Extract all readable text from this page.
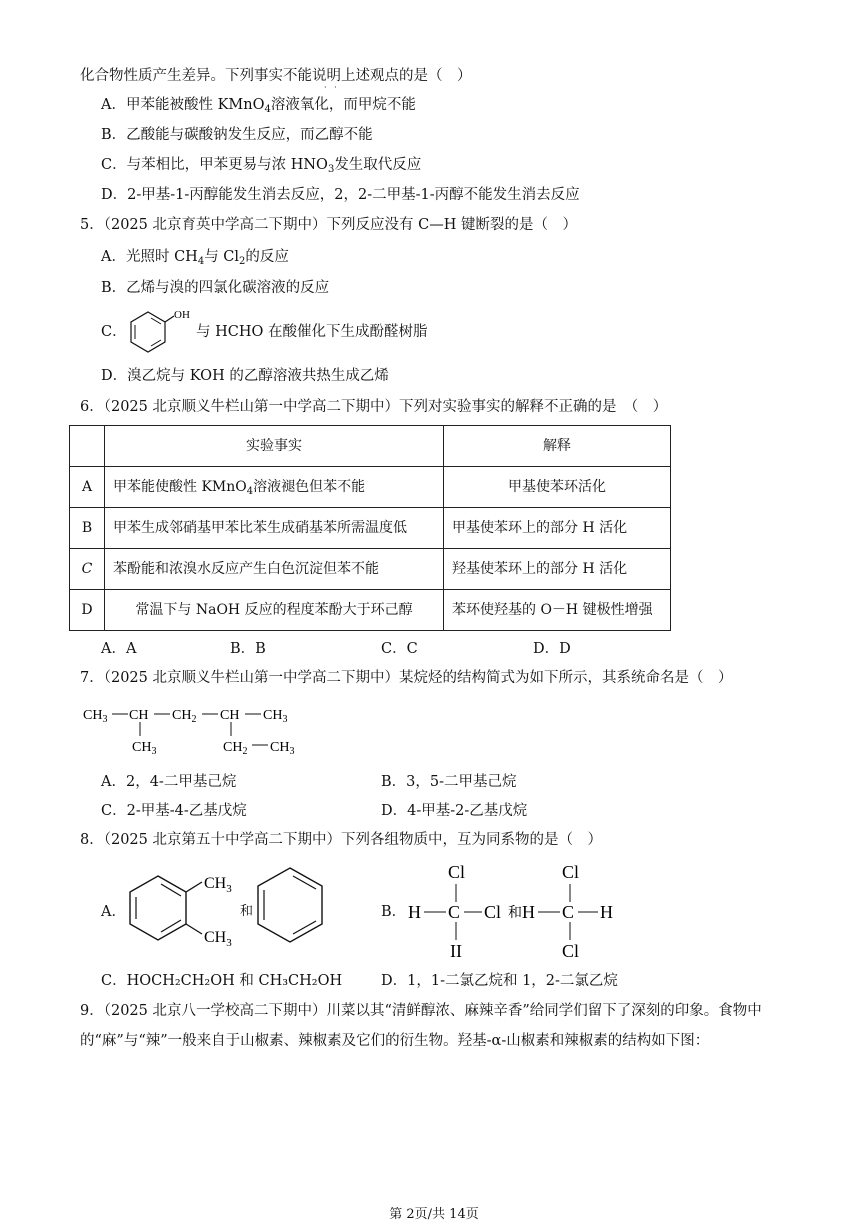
化合物性质产生差异。下列事实不能说明上述观点的是（　）
·   ·
A．甲苯能被酸性 KMnO$_4$溶液氧化，而甲烷不能
B．乙酸能与碳酸钠发生反应，而乙醇不能
C．与苯相比，甲苯更易与浓 $HNO_3$发生取代反应
D．2-甲基-1-丙醇能发生消去反应，2，2-二甲基-1-丙醇不能发生消去反应
5．（2025 北京育英中学高二下期中）下列反应没有 C—H 键断裂的是（　）
A．光照时 $CH_4$与 $Cl_2$的反应
B．乙烯与溴的四氯化碳溶液的反应
C．
OH
与 HCHO 在酸催化下生成酚醛树脂
D．溴乙烷与 KOH 的乙醇溶液共热生成乙烯
6．（2025 北京顺义牛栏山第一中学高二下期中）下列对实验事实的解释不正确的是　（　）
	实验事实	解释
A	甲苯能使酸性 KMnO$_4$溶液褪色但苯不能	甲基使苯环活化
B	甲苯生成邻硝基甲苯比苯生成硝基苯所需温度低	甲基使苯环上的部分 H 活化
C	苯酚能和浓溴水反应产生白色沉淀但苯不能	羟基使苯环上的部分 H 活化
D	常温下与 NaOH 反应的程度苯酚大于环己醇	苯环使羟基的 O－H 键极性增强
A．A	B．B	C．C	D．D
7．（2025 北京顺义牛栏山第一中学高二下期中）某烷烃的结构简式为如下所示，其系统命名是（　）
$CH_3$ CH $CH_2$ CH $CH_3$
$CH_3$	$CH_2$ $CH_3$
A．2，4-二甲基己烷	B．3，5-二甲基己烷
C．2-甲基-4-乙基戊烷	D．4-甲基-2-乙基戊烷
8．（2025 北京第五十中学高二下期中）下列各组物质中，互为同系物的是（　）
A．
$CH_3$
$CH_3$
和	B．
Cl
H C Cl
II
和 H
Cl
C H
Cl
C．HOCH₂CH₂OH 和 CH₃CH₂OH	D．1，1-二氯乙烷和 1，2-二氯乙烷
9．（2025 北京八一学校高二下期中）川菜以其“清鲜醇浓、麻辣辛香”给同学们留下了深刻的印象。食物中
的“麻”与“辣”一般来自于山椒素、辣椒素及它们的衍生物。羟基-α-山椒素和辣椒素的结构如下图：
第 2页/共 14页
